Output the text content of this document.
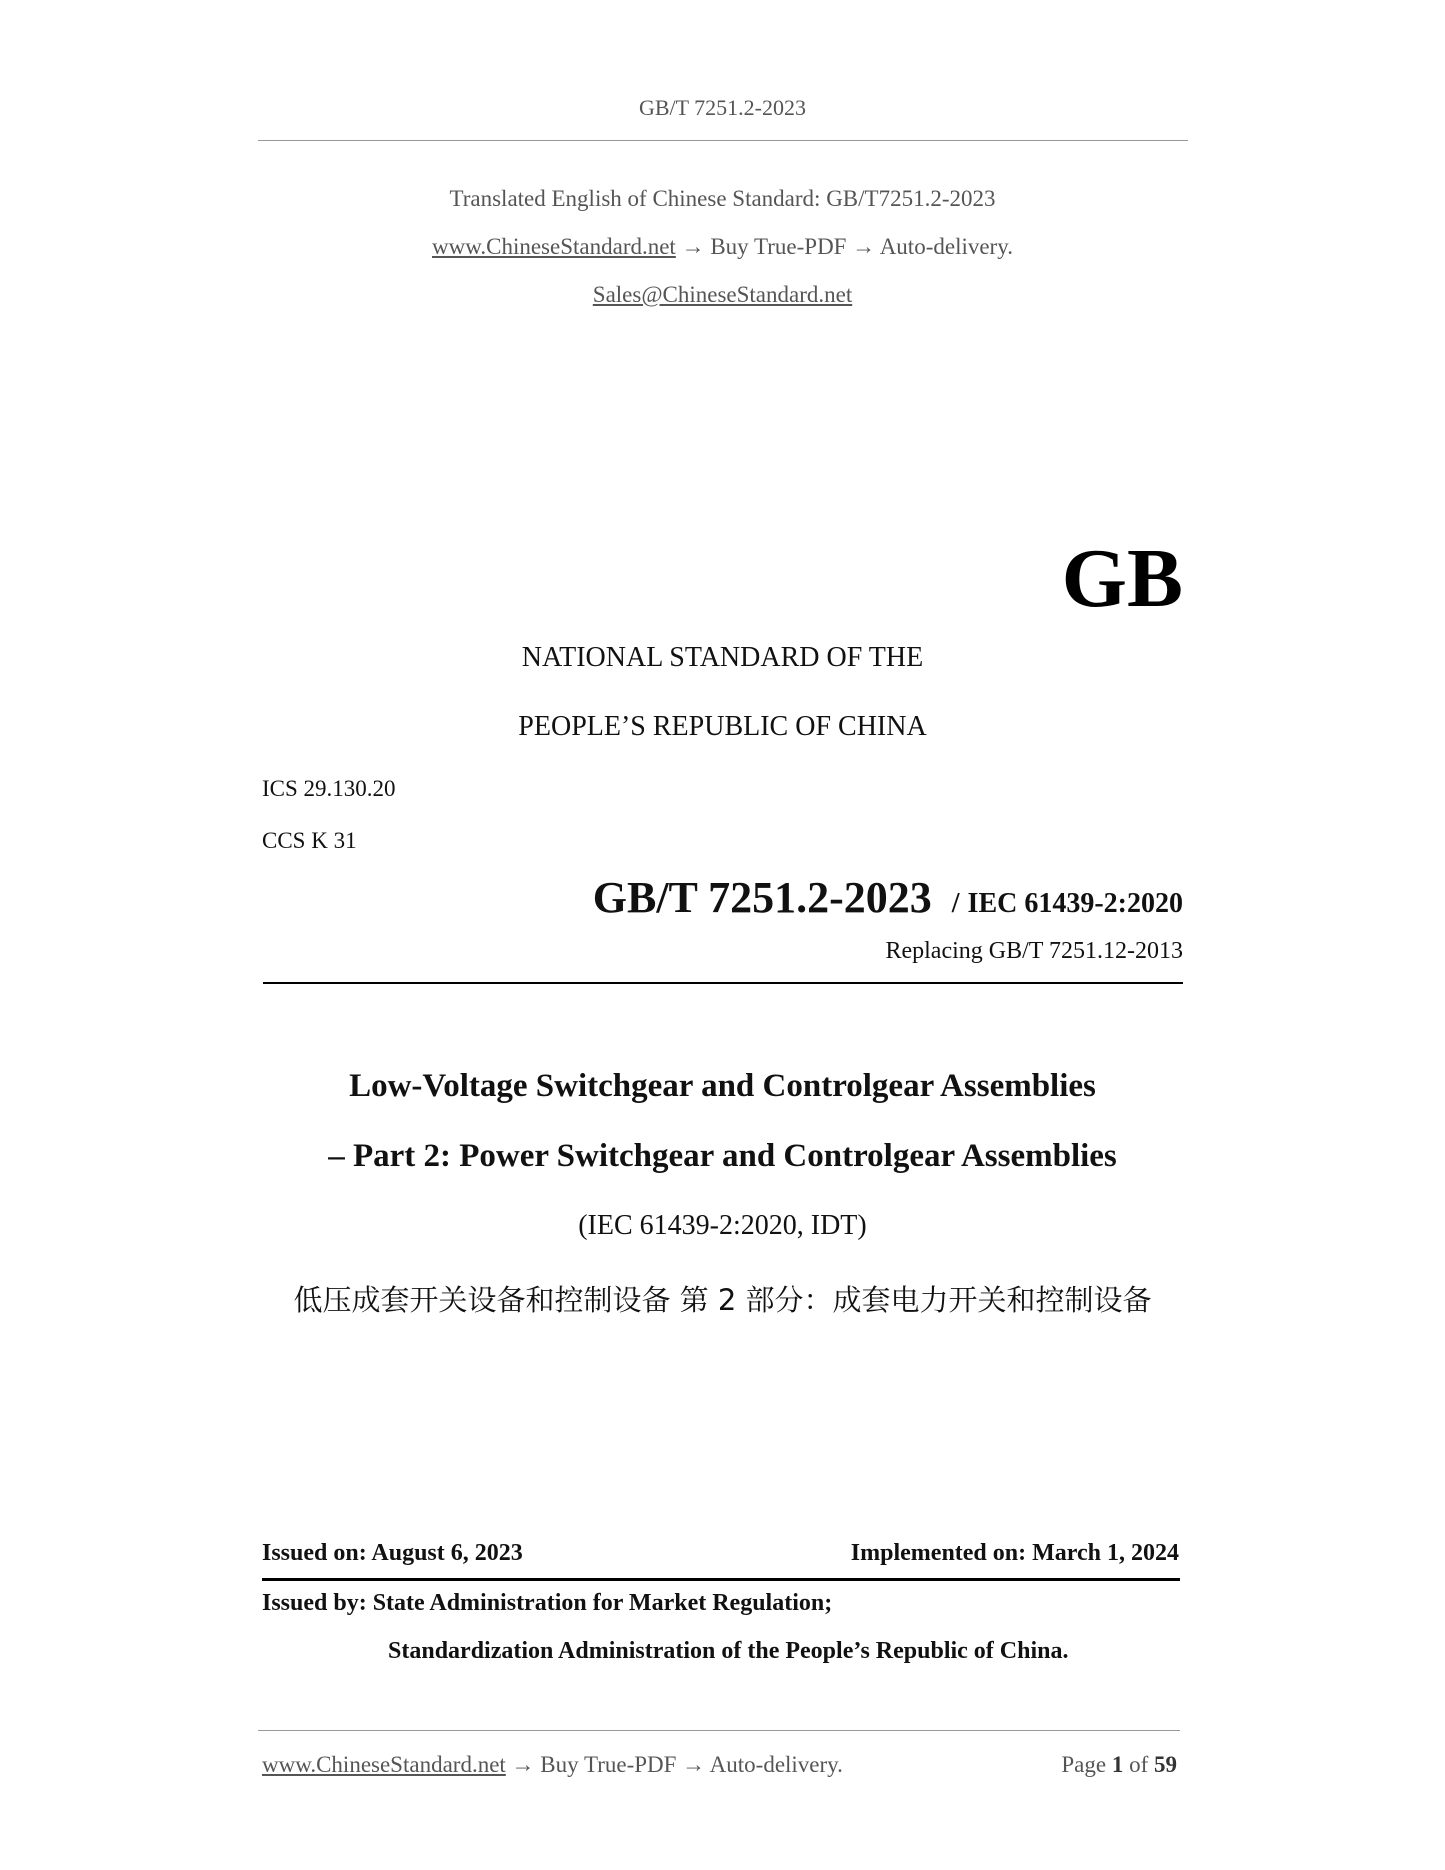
GB/T 7251.2-2023
Translated English of Chinese Standard: GB/T7251.2-2023
www.ChineseStandard.net → Buy True-PDF → Auto-delivery.
Sales@ChineseStandard.net
GB
NATIONAL STANDARD OF THE
PEOPLE’S REPUBLIC OF CHINA
ICS 29.130.20
CCS K 31
GB/T 7251.2-2023 / IEC 61439-2:2020
Replacing GB/T 7251.12-2013
Low-Voltage Switchgear and Controlgear Assemblies
– Part 2: Power Switchgear and Controlgear Assemblies
(IEC 61439-2:2020, IDT)
低压成套开关设备和控制设备 第 2 部分：成套电力开关和控制设备
Issued on: August 6, 2023	Implemented on: March 1, 2024
Issued by: State Administration for Market Regulation;
Standardization Administration of the People’s Republic of China.
www.ChineseStandard.net → Buy True-PDF → Auto-delivery.	Page 1 of 59
